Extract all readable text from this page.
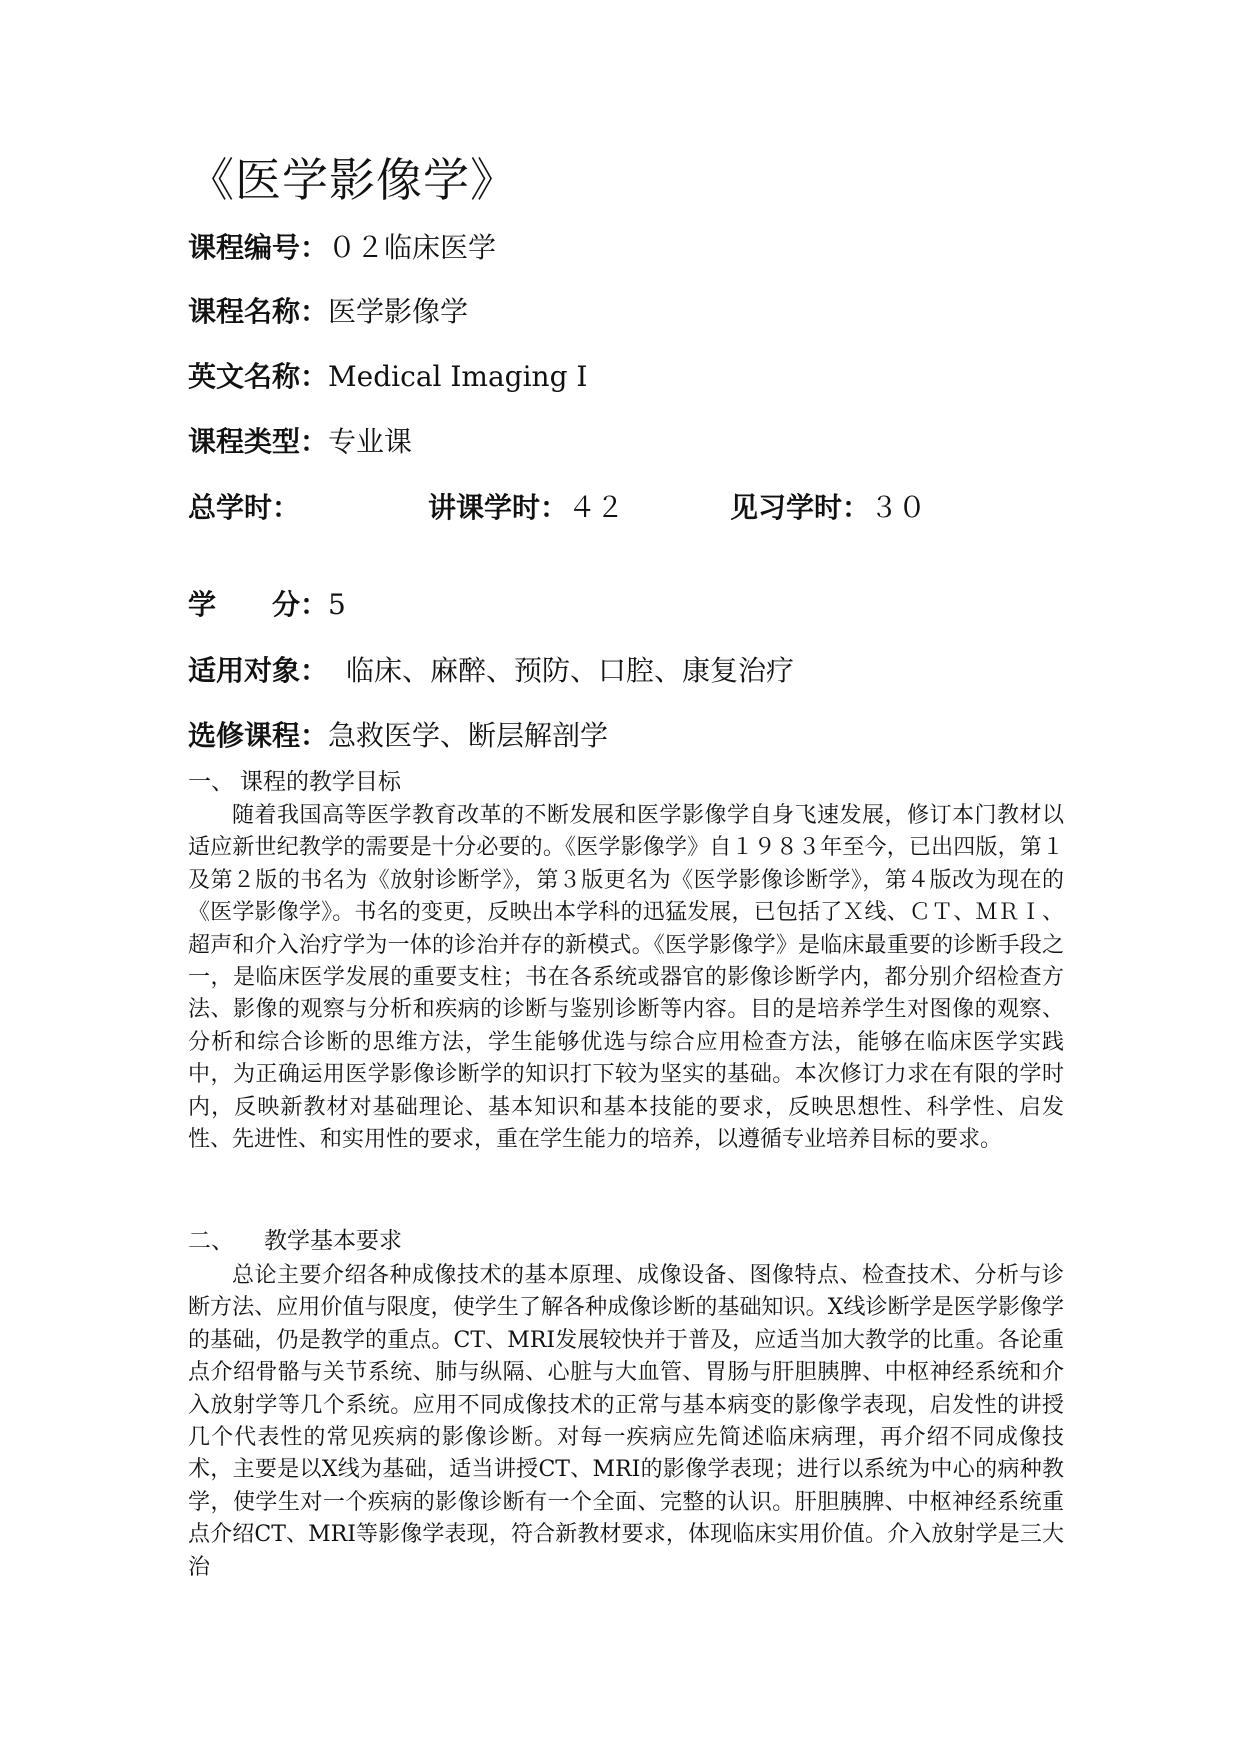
《医学影像学》
课程编号：０２临床医学
课程名称：医学影像学
英文名称：Medical Imaging I
课程类型：专业课
总学时：	讲课学时：４２	见习学时：３０
学　　分：5
适用对象： 临床、麻醉、预防、口腔、康复治疗
选修课程：急救医学、断层解剖学
一、 课程的教学目标
随着我国高等医学教育改革的不断发展和医学影像学自身飞速发展，修订本门教材以适应新世纪教学的需要是十分必要的。《医学影像学》自１９８３年至今，已出四版，第１及第２版的书名为《放射诊断学》，第３版更名为《医学影像诊断学》，第４版改为现在的《医学影像学》。书名的变更，反映出本学科的迅猛发展，已包括了Ｘ线、ＣＴ、ＭＲＩ、超声和介入治疗学为一体的诊治并存的新模式。《医学影像学》是临床最重要的诊断手段之一，是临床医学发展的重要支柱；书在各系统或器官的影像诊断学内，都分别介绍检查方法、影像的观察与分析和疾病的诊断与鉴别诊断等内容。目的是培养学生对图像的观察、分析和综合诊断的思维方法，学生能够优选与综合应用检查方法，能够在临床医学实践中，为正确运用医学影像诊断学的知识打下较为坚实的基础。本次修订力求在有限的学时内，反映新教材对基础理论、基本知识和基本技能的要求，反映思想性、科学性、启发性、先进性、和实用性的要求，重在学生能力的培养，以遵循专业培养目标的要求。
二、 教学基本要求
总论主要介绍各种成像技术的基本原理、成像设备、图像特点、检查技术、分析与诊断方法、应用价值与限度，使学生了解各种成像诊断的基础知识。X线诊断学是医学影像学的基础，仍是教学的重点。CT、MRI发展较快并于普及，应适当加大教学的比重。各论重点介绍骨骼与关节系统、肺与纵隔、心脏与大血管、胃肠与肝胆胰脾、中枢神经系统和介入放射学等几个系统。应用不同成像技术的正常与基本病变的影像学表现，启发性的讲授几个代表性的常见疾病的影像诊断。对每一疾病应先简述临床病理，再介绍不同成像技术，主要是以X线为基础，适当讲授CT、MRI的影像学表现；进行以系统为中心的病种教学，使学生对一个疾病的影像诊断有一个全面、完整的认识。肝胆胰脾、中枢神经系统重点介绍CT、MRI等影像学表现，符合新教材要求，体现临床实用价值。介入放射学是三大治
